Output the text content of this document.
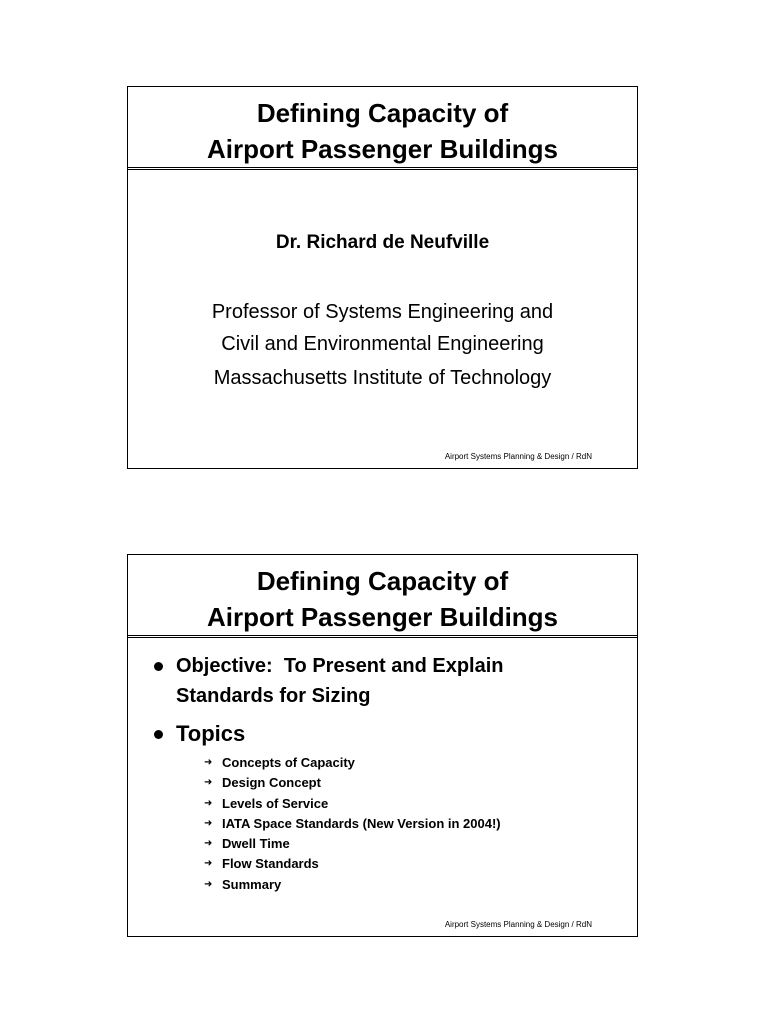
Defining Capacity of
Airport Passenger Buildings
Dr. Richard de Neufville
Professor of Systems Engineering and
Civil and Environmental Engineering
Massachusetts Institute of Technology
Airport Systems Planning & Design / RdN
Defining Capacity of
Airport Passenger Buildings
Objective:  To Present and Explain
Standards for Sizing
Topics
➜ Concepts of Capacity
➜ Design Concept
➜ Levels of Service
➜ IATA Space Standards (New Version in 2004!)
➜ Dwell Time
➜ Flow Standards
➜ Summary
Airport Systems Planning & Design / RdN
